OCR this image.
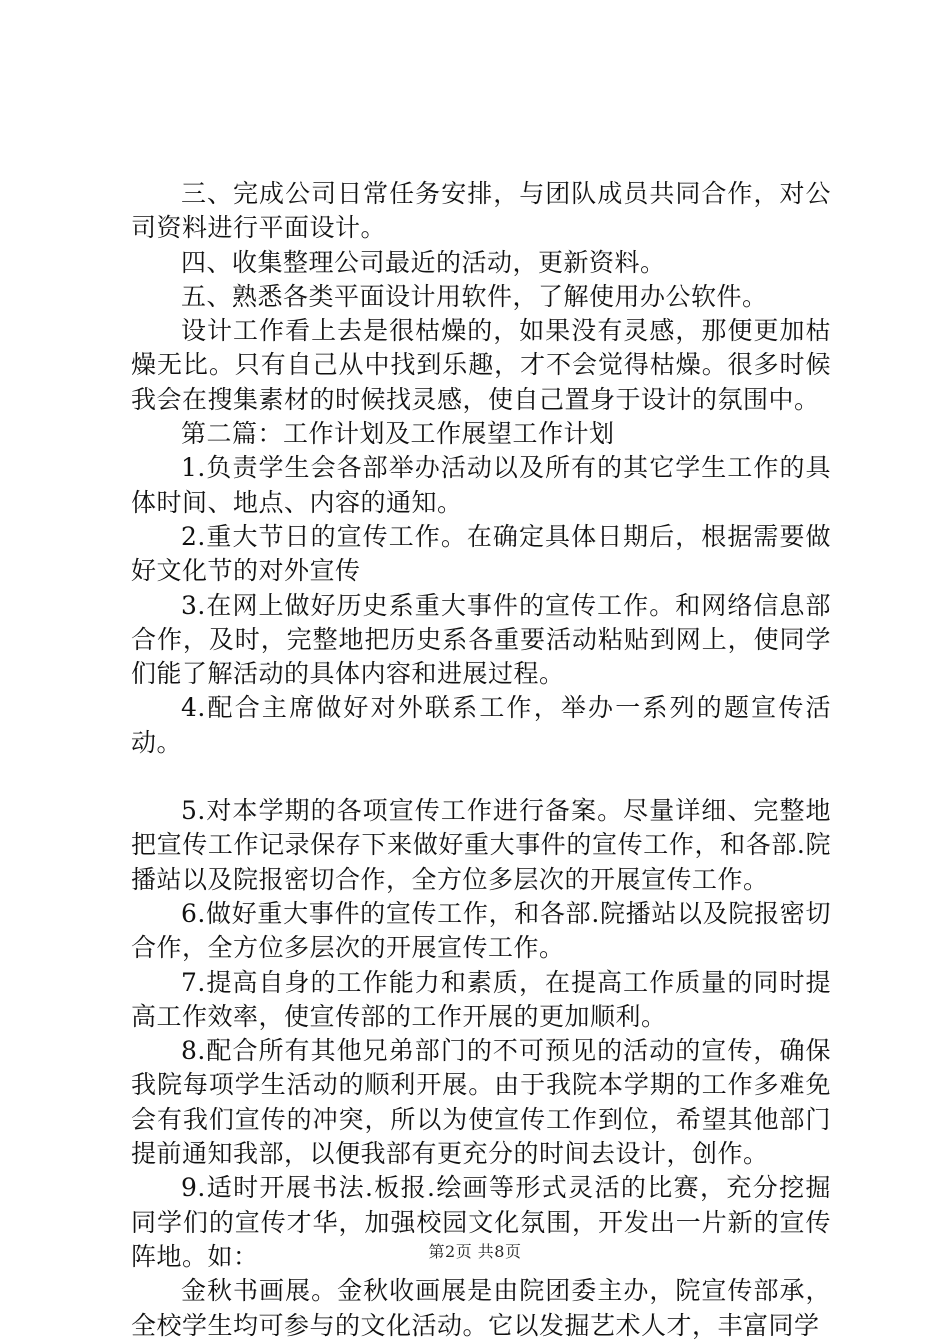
三、完成公司日常任务安排，与团队成员共同合作，对公司资料进行平面设计。

四、收集整理公司最近的活动，更新资料。

五、熟悉各类平面设计用软件，了解使用办公软件。

设计工作看上去是很枯燥的，如果没有灵感，那便更加枯燥无比。只有自己从中找到乐趣，才不会觉得枯燥。很多时候我会在搜集素材的时候找灵感，使自己置身于设计的氛围中。

第二篇：工作计划及工作展望工作计划

1.负责学生会各部举办活动以及所有的其它学生工作的具体时间、地点、内容的通知。

2.重大节日的宣传工作。在确定具体日期后，根据需要做好文化节的对外宣传

3.在网上做好历史系重大事件的宣传工作。和网络信息部合作，及时，完整地把历史系各重要活动粘贴到网上，使同学们能了解活动的具体内容和进展过程。

4.配合主席做好对外联系工作，举办一系列的题宣传活动。

5.对本学期的各项宣传工作进行备案。尽量详细、完整地把宣传工作记录保存下来做好重大事件的宣传工作，和各部.院播站以及院报密切合作，全方位多层次的开展宣传工作。

6.做好重大事件的宣传工作，和各部.院播站以及院报密切合作，全方位多层次的开展宣传工作。

7.提高自身的工作能力和素质，在提高工作质量的同时提高工作效率，使宣传部的工作开展的更加顺利。

8.配合所有其他兄弟部门的不可预见的活动的宣传，确保我院每项学生活动的顺利开展。由于我院本学期的工作多难免会有我们宣传的冲突，所以为使宣传工作到位，希望其他部门提前通知我部，以便我部有更充分的时间去设计，创作。

9.适时开展书法.板报.绘画等形式灵活的比赛，充分挖掘同学们的宣传才华，加强校园文化氛围，开发出一片新的宣传阵地。如：

金秋书画展。金秋收画展是由院团委主办，院宣传部承，全校学生均可参与的文化活动。它以发掘艺术人才，丰富同学

第2页 共8页
